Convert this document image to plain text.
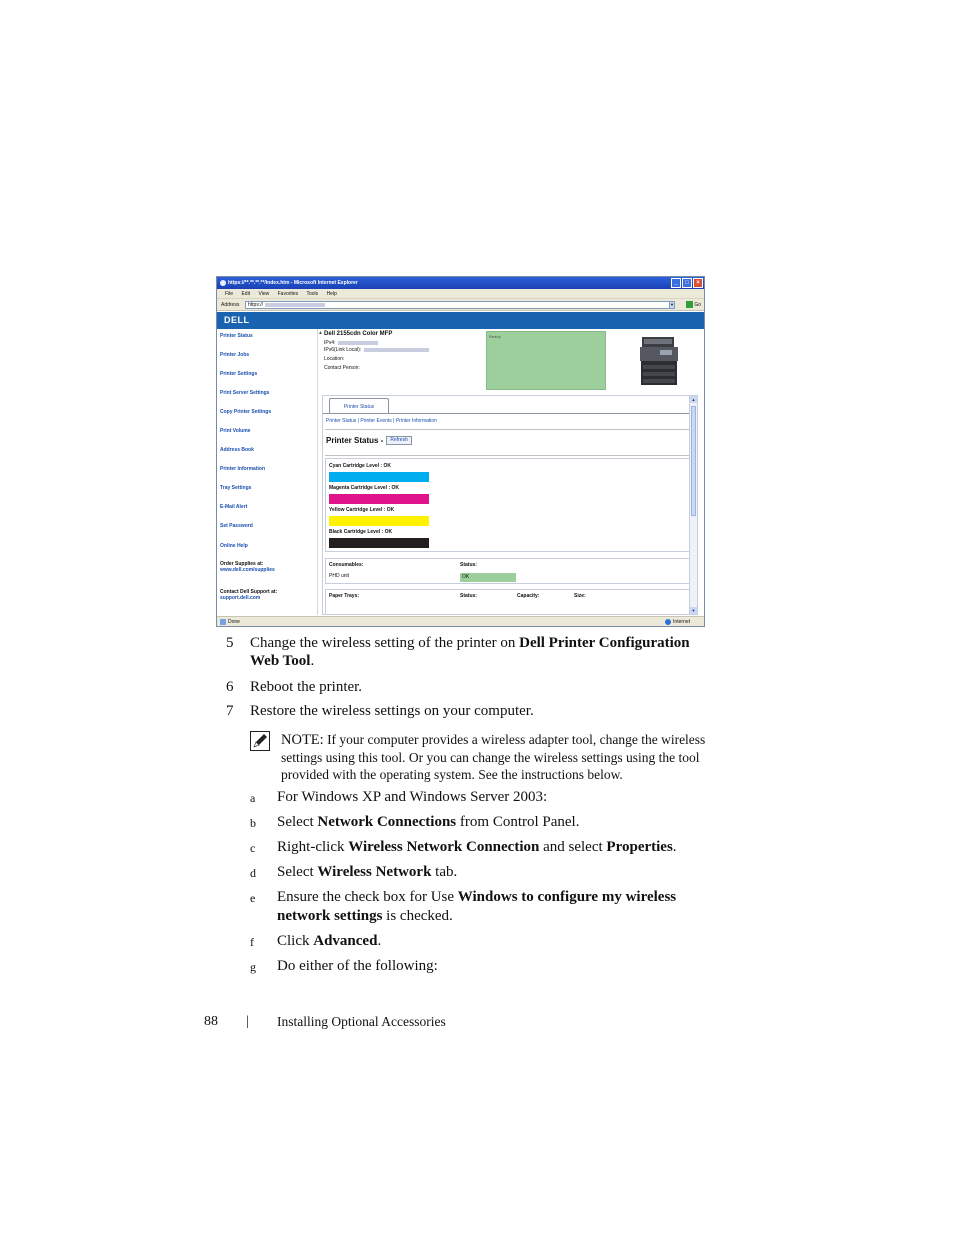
https://**.**.**.**/index.htm - Microsoft Internet Explorer	_	□	×
File Edit View Favorites Tools Help
Address	https://	▼	Go
DELL
Printer Status
Printer Jobs
Printer Settings
Print Server Settings
Copy Printer Settings
Print Volume
Address Book
Printer Information
Tray Settings
E-Mail Alert
Set Password
Online Help
Order Supplies at:
www.dell.com/supplies
Contact Dell Support at:
support.dell.com
▲ Dell 2155cdn Color MFP
IPv4:
IPv6(Link Local):
Location:
Contact Person:
Ready
Printer Status
Printer Status | Printer Events | Printer Information
Printer Status - Refresh
Cyan Cartridge Level : OK
Magenta Cartridge Level : OK
Yellow Cartridge Level : OK
Black Cartridge Level : OK
Consumables:	Status:
PHD unit	OK
Paper Trays:	Status:	Capacity:	Size:
▲
▼
Done	Internet
5 Change the wireless setting of the printer on Dell Printer Configuration Web Tool.
6 Reboot the printer.
7 Restore the wireless settings on your computer.
NOTE: If your computer provides a wireless adapter tool, change the wireless settings using this tool. Or you can change the wireless settings using the tool provided with the operating system. See the instructions below.
a For Windows XP and Windows Server 2003:
b Select Network Connections from Control Panel.
c Right-click Wireless Network Connection and select Properties.
d Select Wireless Network tab.
e Ensure the check box for Use Windows to configure my wireless network settings is checked.
f Click Advanced.
g Do either of the following:
88 | Installing Optional Accessories
